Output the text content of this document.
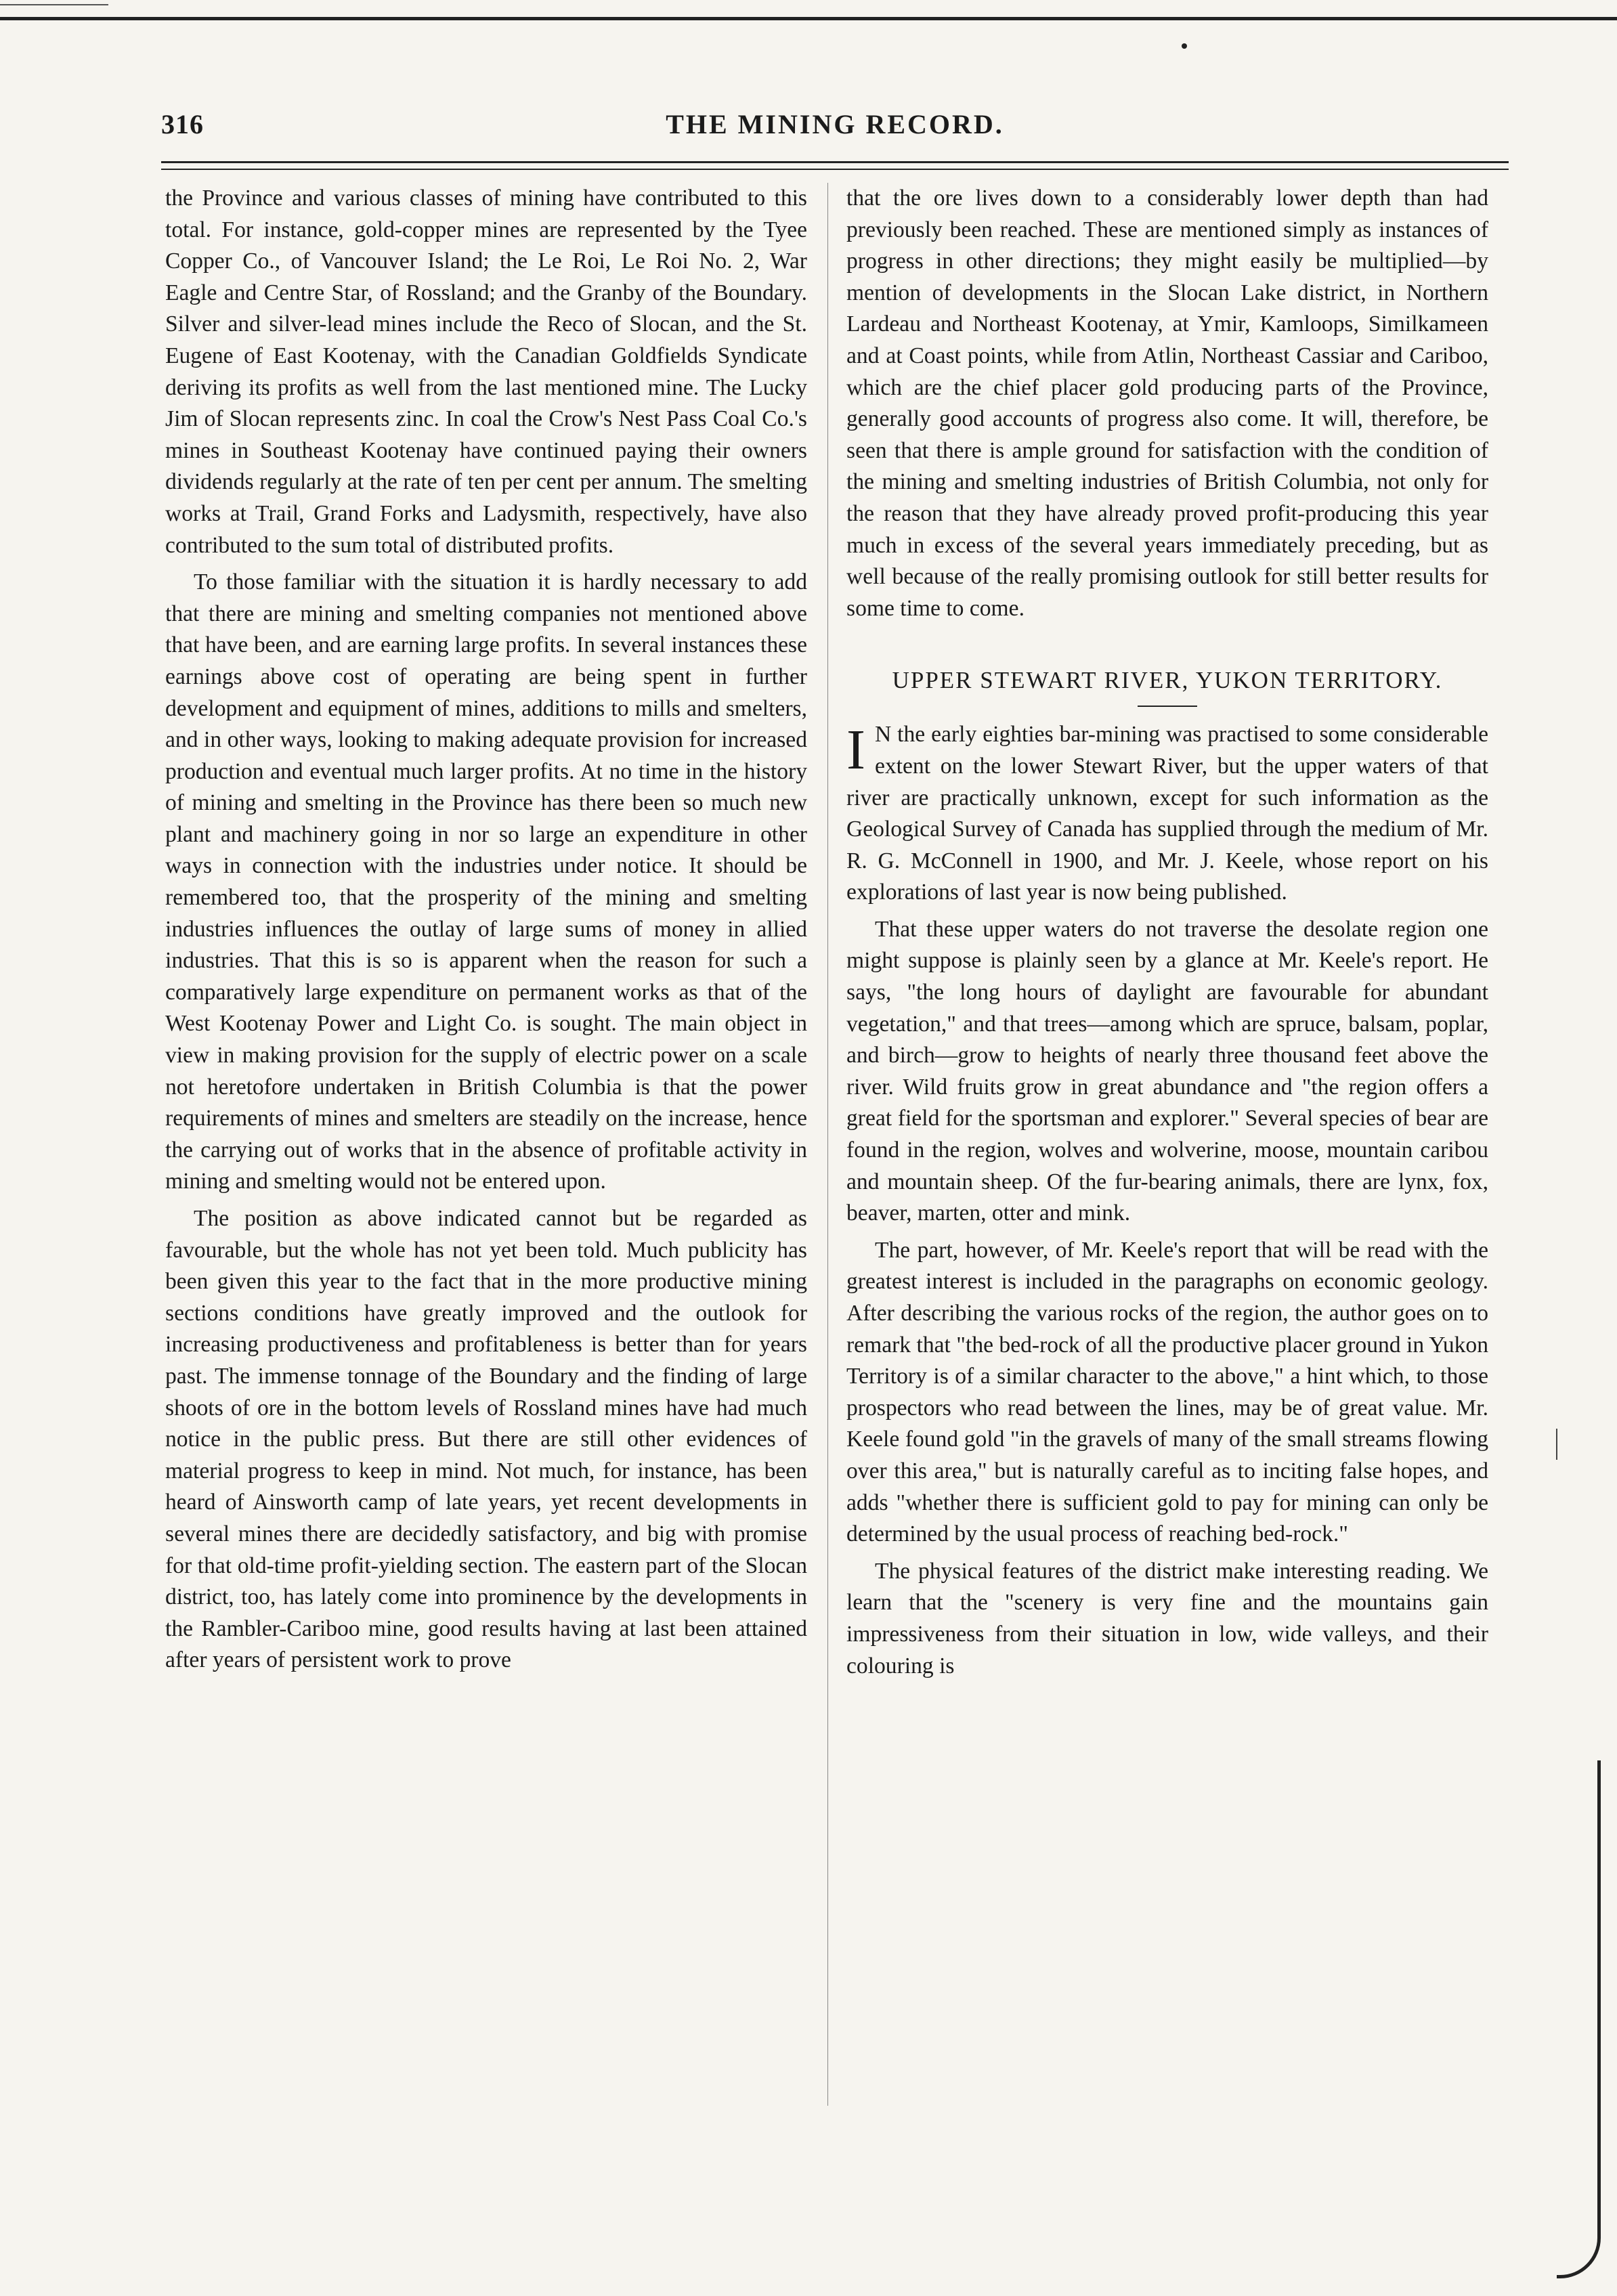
316	THE MINING RECORD.

the Province and various classes of mining have contributed to this total. For instance, gold-copper mines are represented by the Tyee Copper Co., of Vancouver Island; the Le Roi, Le Roi No. 2, War Eagle and Centre Star, of Rossland; and the Granby of the Boundary. Silver and silver-lead mines include the Reco of Slocan, and the St. Eugene of East Kootenay, with the Canadian Goldfields Syndicate deriving its profits as well from the last mentioned mine. The Lucky Jim of Slocan represents zinc. In coal the Crow's Nest Pass Coal Co.'s mines in Southeast Kootenay have continued paying their owners dividends regularly at the rate of ten per cent per annum. The smelting works at Trail, Grand Forks and Ladysmith, respectively, have also contributed to the sum total of distributed profits.

To those familiar with the situation it is hardly necessary to add that there are mining and smelting companies not mentioned above that have been, and are earning large profits. In several instances these earnings above cost of operating are being spent in further development and equipment of mines, additions to mills and smelters, and in other ways, looking to making adequate provision for increased production and eventual much larger profits. At no time in the history of mining and smelting in the Province has there been so much new plant and machinery going in nor so large an expenditure in other ways in connection with the industries under notice. It should be remembered too, that the prosperity of the mining and smelting industries influences the outlay of large sums of money in allied industries. That this is so is apparent when the reason for such a comparatively large expenditure on permanent works as that of the West Kootenay Power and Light Co. is sought. The main object in view in making provision for the supply of electric power on a scale not heretofore undertaken in British Columbia is that the power requirements of mines and smelters are steadily on the increase, hence the carrying out of works that in the absence of profitable activity in mining and smelting would not be entered upon.

The position as above indicated cannot but be regarded as favourable, but the whole has not yet been told. Much publicity has been given this year to the fact that in the more productive mining sections conditions have greatly improved and the outlook for increasing productiveness and profitableness is better than for years past. The immense tonnage of the Boundary and the finding of large shoots of ore in the bottom levels of Rossland mines have had much notice in the public press. But there are still other evidences of material progress to keep in mind. Not much, for instance, has been heard of Ainsworth camp of late years, yet recent developments in several mines there are decidedly satisfactory, and big with promise for that old-time profit-yielding section. The eastern part of the Slocan district, too, has lately come into prominence by the developments in the Rambler-Cariboo mine, good results having at last been attained after years of persistent work to prove

that the ore lives down to a considerably lower depth than had previously been reached. These are mentioned simply as instances of progress in other directions; they might easily be multiplied—by mention of developments in the Slocan Lake district, in Northern Lardeau and Northeast Kootenay, at Ymir, Kamloops, Similkameen and at Coast points, while from Atlin, Northeast Cassiar and Cariboo, which are the chief placer gold producing parts of the Province, generally good accounts of progress also come. It will, therefore, be seen that there is ample ground for satisfaction with the condition of the mining and smelting industries of British Columbia, not only for the reason that they have already proved profit-producing this year much in excess of the several years immediately preceding, but as well because of the really promising outlook for still better results for some time to come.

UPPER STEWART RIVER, YUKON TERRITORY.

I N the early eighties bar-mining was practised to some considerable extent on the lower Stewart River, but the upper waters of that river are practically unknown, except for such information as the Geological Survey of Canada has supplied through the medium of Mr. R. G. McConnell in 1900, and Mr. J. Keele, whose report on his explorations of last year is now being published.

That these upper waters do not traverse the desolate region one might suppose is plainly seen by a glance at Mr. Keele's report. He says, "the long hours of daylight are favourable for abundant vegetation," and that trees—among which are spruce, balsam, poplar, and birch—grow to heights of nearly three thousand feet above the river. Wild fruits grow in great abundance and "the region offers a great field for the sportsman and explorer." Several species of bear are found in the region, wolves and wolverine, moose, mountain caribou and mountain sheep. Of the fur-bearing animals, there are lynx, fox, beaver, marten, otter and mink.

The part, however, of Mr. Keele's report that will be read with the greatest interest is included in the paragraphs on economic geology. After describing the various rocks of the region, the author goes on to remark that "the bed-rock of all the productive placer ground in Yukon Territory is of a similar character to the above," a hint which, to those prospectors who read between the lines, may be of great value. Mr. Keele found gold "in the gravels of many of the small streams flowing over this area," but is naturally careful as to inciting false hopes, and adds "whether there is sufficient gold to pay for mining can only be determined by the usual process of reaching bed-rock."

The physical features of the district make interesting reading. We learn that the "scenery is very fine and the mountains gain impressiveness from their situation in low, wide valleys, and their colouring is
